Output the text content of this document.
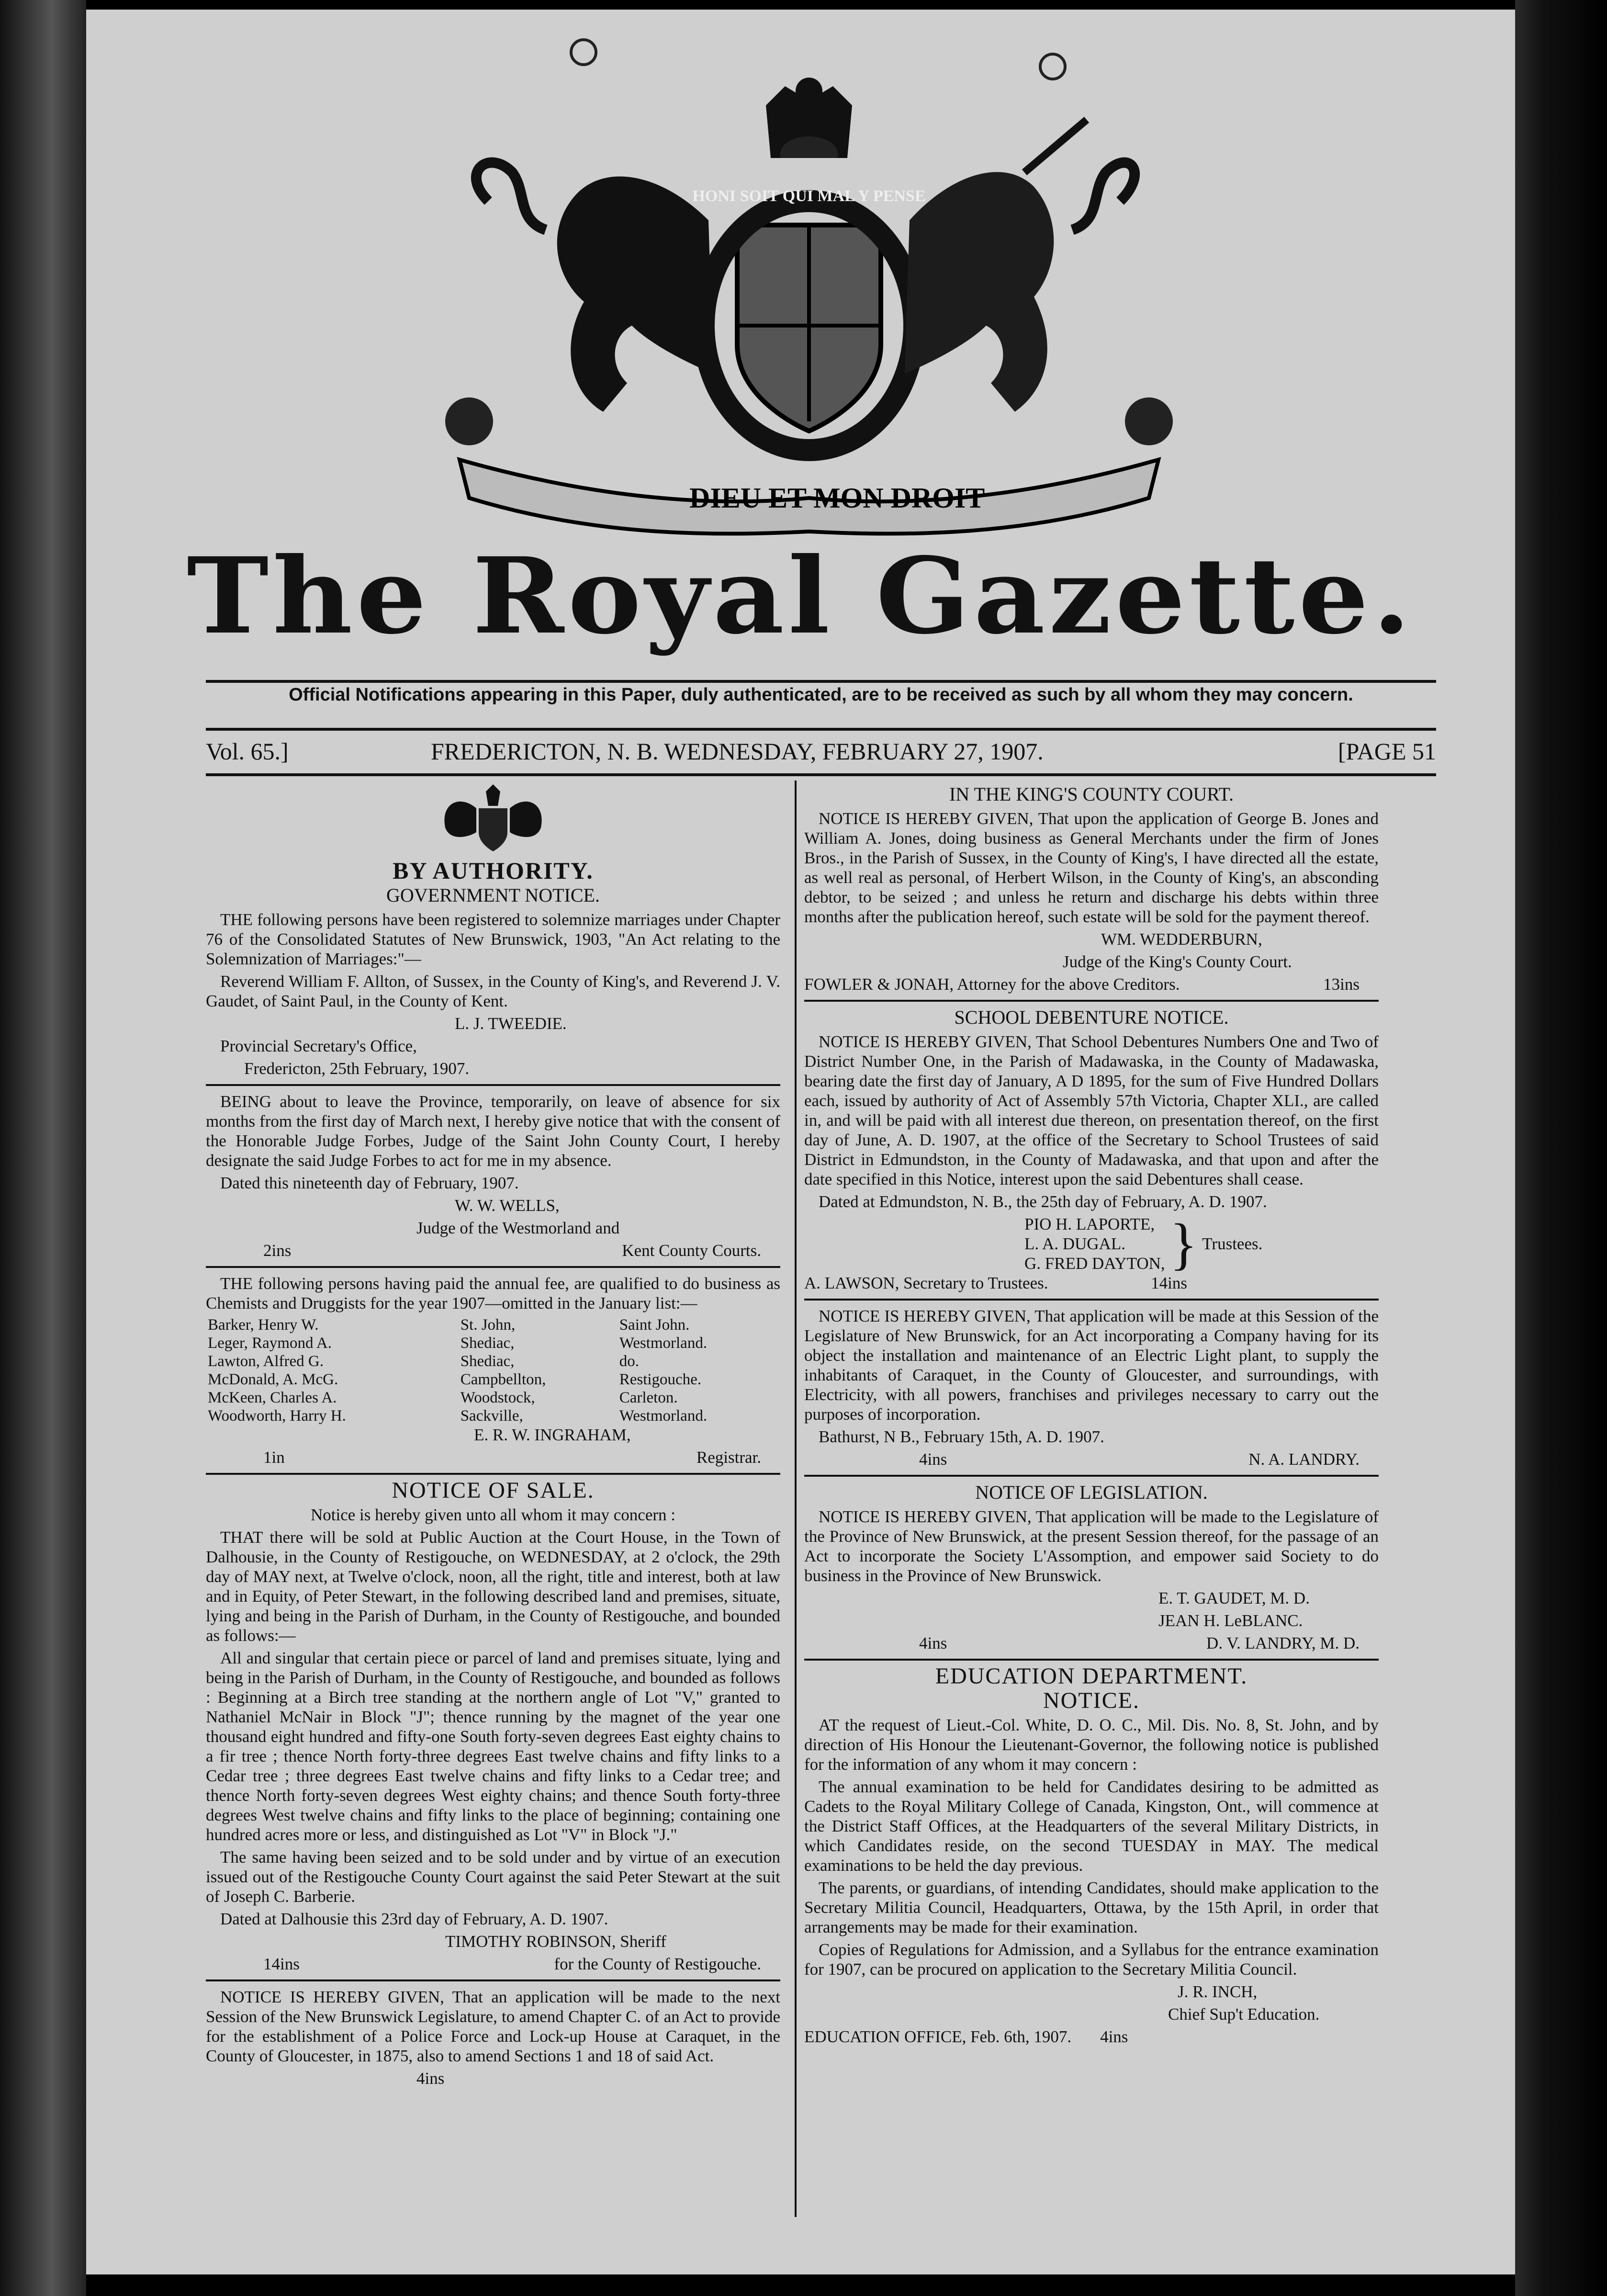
DIEU ET MON DROIT
HONI SOIT QUI MAL Y PENSE
The Royal Gazette.
Official Notifications appearing in this Paper, duly authenticated, are to be received as such by all whom they may concern.
Vol. 65.]	FREDERICTON, N. B. WEDNESDAY, FEBRUARY 27, 1907.	[PAGE 51
BY AUTHORITY.
GOVERNMENT NOTICE.

THE following persons have been registered to solemnize marriages under Chapter 76 of the Consolidated Statutes of New Brunswick, 1903, "An Act relating to the Solemnization of Marriages:"—

Reverend William F. Allton, of Sussex, in the County of King's, and Reverend J. V. Gaudet, of Saint Paul, in the County of Kent.

L. J. TWEEDIE.

Provincial Secretary's Office,

Fredericton, 25th February, 1907.

BEING about to leave the Province, temporarily, on leave of absence for six months from the first day of March next, I hereby give notice that with the consent of the Honorable Judge Forbes, Judge of the Saint John County Court, I hereby designate the said Judge Forbes to act for me in my absence.

Dated this nineteenth day of February, 1907.

W. W. WELLS,

Judge of the Westmorland and

2ins	Kent County Courts.

THE following persons having paid the annual fee, are qualified to do business as Chemists and Druggists for the year 1907—omitted in the January list:—

Barker, Henry W.	St. John,	Saint John.
Leger, Raymond A.	Shediac,	Westmorland.
Lawton, Alfred G.	Shediac,	do.
McDonald, A. McG.	Campbellton,	Restigouche.
McKeen, Charles A.	Woodstock,	Carleton.
Woodworth, Harry H.	Sackville,	Westmorland.

E. R. W. INGRAHAM,

1in	Registrar.
NOTICE OF SALE.

Notice is hereby given unto all whom it may concern :

THAT there will be sold at Public Auction at the Court House, in the Town of Dalhousie, in the County of Restigouche, on WEDNESDAY, at 2 o'clock, the 29th day of MAY next, at Twelve o'clock, noon, all the right, title and interest, both at law and in Equity, of Peter Stewart, in the following described land and premises, situate, lying and being in the Parish of Durham, in the County of Restigouche, and bounded as follows:—

All and singular that certain piece or parcel of land and premises situate, lying and being in the Parish of Durham, in the County of Restigouche, and bounded as follows : Beginning at a Birch tree standing at the northern angle of Lot "V," granted to Nathaniel McNair in Block "J"; thence running by the magnet of the year one thousand eight hundred and fifty-one South forty-seven degrees East eighty chains to a fir tree ; thence North forty-three degrees East twelve chains and fifty links to a Cedar tree ; three degrees East twelve chains and fifty links to a Cedar tree; and thence North forty-seven degrees West eighty chains; and thence South forty-three degrees West twelve chains and fifty links to the place of beginning; containing one hundred acres more or less, and distinguished as Lot "V" in Block "J."

The same having been seized and to be sold under and by virtue of an execution issued out of the Restigouche County Court against the said Peter Stewart at the suit of Joseph C. Barberie.

Dated at Dalhousie this 23rd day of February, A. D. 1907.

TIMOTHY ROBINSON, Sheriff

14ins	for the County of Restigouche.

NOTICE IS HEREBY GIVEN, That an application will be made to the next Session of the New Brunswick Legislature, to amend Chapter C. of an Act to provide for the establishment of a Police Force and Lock-up House at Caraquet, in the County of Gloucester, in 1875, also to amend Sections 1 and 18 of said Act.

4ins

IN THE KING'S COUNTY COURT.

NOTICE IS HEREBY GIVEN, That upon the application of George B. Jones and William A. Jones, doing business as General Merchants under the firm of Jones Bros., in the Parish of Sussex, in the County of King's, I have directed all the estate, as well real as personal, of Herbert Wilson, in the County of King's, an absconding debtor, to be seized ; and unless he return and discharge his debts within three months after the publication hereof, such estate will be sold for the payment thereof.

WM. WEDDERBURN,

Judge of the King's County Court.

FOWLER & JONAH, Attorney for the above Creditors.	13ins
SCHOOL DEBENTURE NOTICE.

NOTICE IS HEREBY GIVEN, That School Debentures Numbers One and Two of District Number One, in the Parish of Madawaska, in the County of Madawaska, bearing date the first day of January, A D 1895, for the sum of Five Hundred Dollars each, issued by authority of Act of Assembly 57th Victoria, Chapter XLI., are called in, and will be paid with all interest due thereon, on presentation thereof, on the first day of June, A. D. 1907, at the office of the Secretary to School Trustees of said District in Edmundston, in the County of Madawaska, and that upon and after the date specified in this Notice, interest upon the said Debentures shall cease.

Dated at Edmundston, N. B., the 25th day of February, A. D. 1907.

PIO H. LAPORTE,
L. A. DUGAL.
G. FRED DAYTON, } Trustees.
A. LAWSON, Secretary to Trustees.	14ins

NOTICE IS HEREBY GIVEN, That application will be made at this Session of the Legislature of New Brunswick, for an Act incorporating a Company having for its object the installation and maintenance of an Electric Light plant, to supply the inhabitants of Caraquet, in the County of Gloucester, and surroundings, with Electricity, with all powers, franchises and privileges necessary to carry out the purposes of incorporation.

Bathurst, N B., February 15th, A. D. 1907.

4ins	N. A. LANDRY.
NOTICE OF LEGISLATION.

NOTICE IS HEREBY GIVEN, That application will be made to the Legislature of the Province of New Brunswick, at the present Session thereof, for the passage of an Act to incorporate the Society L'Assomption, and empower said Society to do business in the Province of New Brunswick.

E. T. GAUDET, M. D.

JEAN H. LeBLANC.

4ins	D. V. LANDRY, M. D.
EDUCATION DEPARTMENT.
NOTICE.

AT the request of Lieut.-Col. White, D. O. C., Mil. Dis. No. 8, St. John, and by direction of His Honour the Lieutenant-Governor, the following notice is published for the information of any whom it may concern :

The annual examination to be held for Candidates desiring to be admitted as Cadets to the Royal Military College of Canada, Kingston, Ont., will commence at the District Staff Offices, at the Headquarters of the several Military Districts, in which Candidates reside, on the second TUESDAY in MAY. The medical examinations to be held the day previous.

The parents, or guardians, of intending Candidates, should make application to the Secretary Militia Council, Headquarters, Ottawa, by the 15th April, in order that arrangements may be made for their examination.

Copies of Regulations for Admission, and a Syllabus for the entrance examination for 1907, can be procured on application to the Secretary Militia Council.

J. R. INCH,

Chief Sup't Education.

EDUCATION OFFICE, Feb. 6th, 1907. 4ins
